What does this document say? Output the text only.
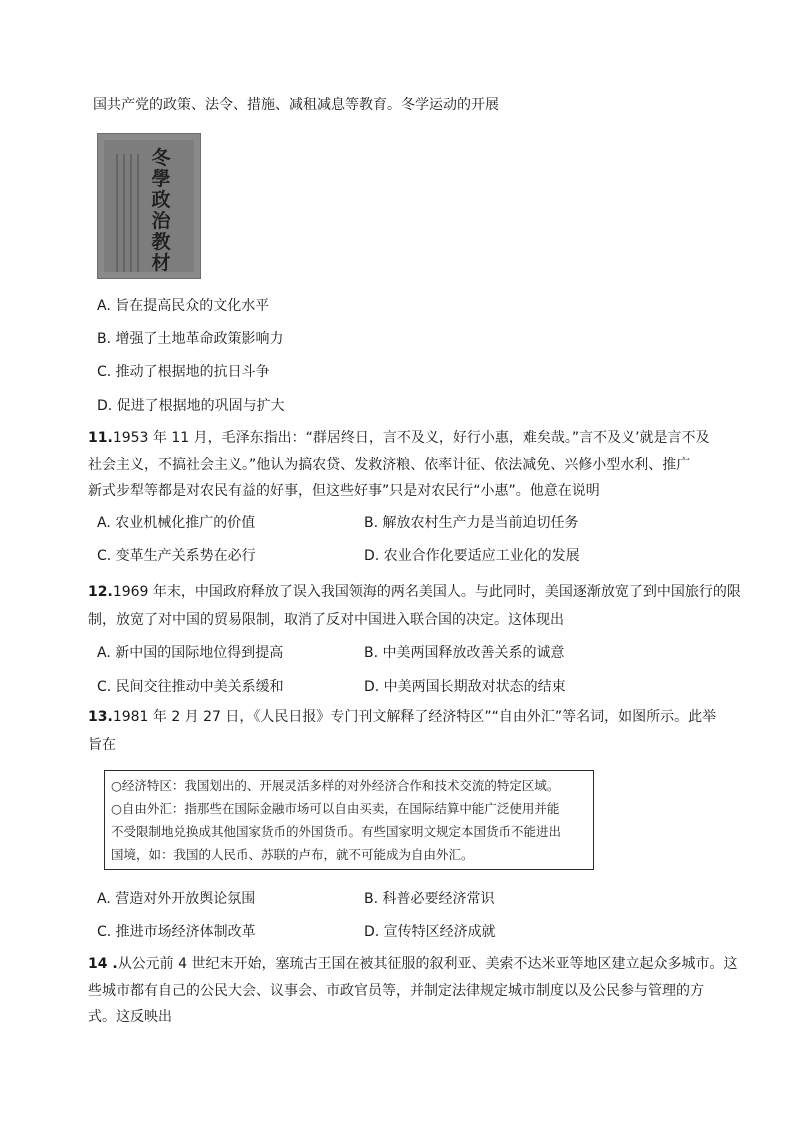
国共产党的政策、法令、措施、减租减息等教育。冬学运动的开展
冬學政治教材
A. 旨在提高民众的文化水平
B. 增强了土地革命政策影响力
C. 推动了根据地的抗日斗争
D. 促进了根据地的巩固与扩大
11.1953 年 11 月，毛泽东指出：“群居终日，言不及义，好行小惠，难矣哉。”言不及义’就是言不及
社会主义，不搞社会主义。”他认为搞农贷、发救济粮、依率计征、依法减免、兴修小型水利、推广
新式步犁等都是对农民有益的好事，但这些好事”只是对农民行“小惠”。他意在说明
A. 农业机械化推广的价值	B. 解放农村生产力是当前迫切任务
C. 变革生产关系势在必行	D. 农业合作化要适应工业化的发展
12.1969 年末，中国政府释放了误入我国领海的两名美国人。与此同时，美国逐渐放宽了到中国旅行的限
制，放宽了对中国的贸易限制，取消了反对中国进入联合国的决定。这体现出
A. 新中国的国际地位得到提高	B. 中美两国释放改善关系的诚意
C. 民间交往推动中美关系缓和	D. 中美两国长期敌对状态的结束
13.1981 年 2 月 27 日，《人民日报》专门刊文解释了经济特区”“自由外汇”等名词，如图所示。此举
旨在
○经济特区：我国划出的、开展灵活多样的对外经济合作和技术交流的特定区域。
○自由外汇：指那些在国际金融市场可以自由买卖，在国际结算中能广泛使用并能
不受限制地兑换成其他国家货币的外国货币。有些国家明文规定本国货币不能进出
国境，如：我国的人民币、苏联的卢布，就不可能成为自由外汇。
A. 营造对外开放舆论氛围	B. 科普必要经济常识
C. 推进市场经济体制改革	D. 宣传特区经济成就
14 .从公元前 4 世纪末开始，塞琉古王国在被其征服的叙利亚、美索不达米亚等地区建立起众多城市。这
些城市都有自己的公民大会、议事会、市政官员等，并制定法律规定城市制度以及公民参与管理的方
式。这反映出
